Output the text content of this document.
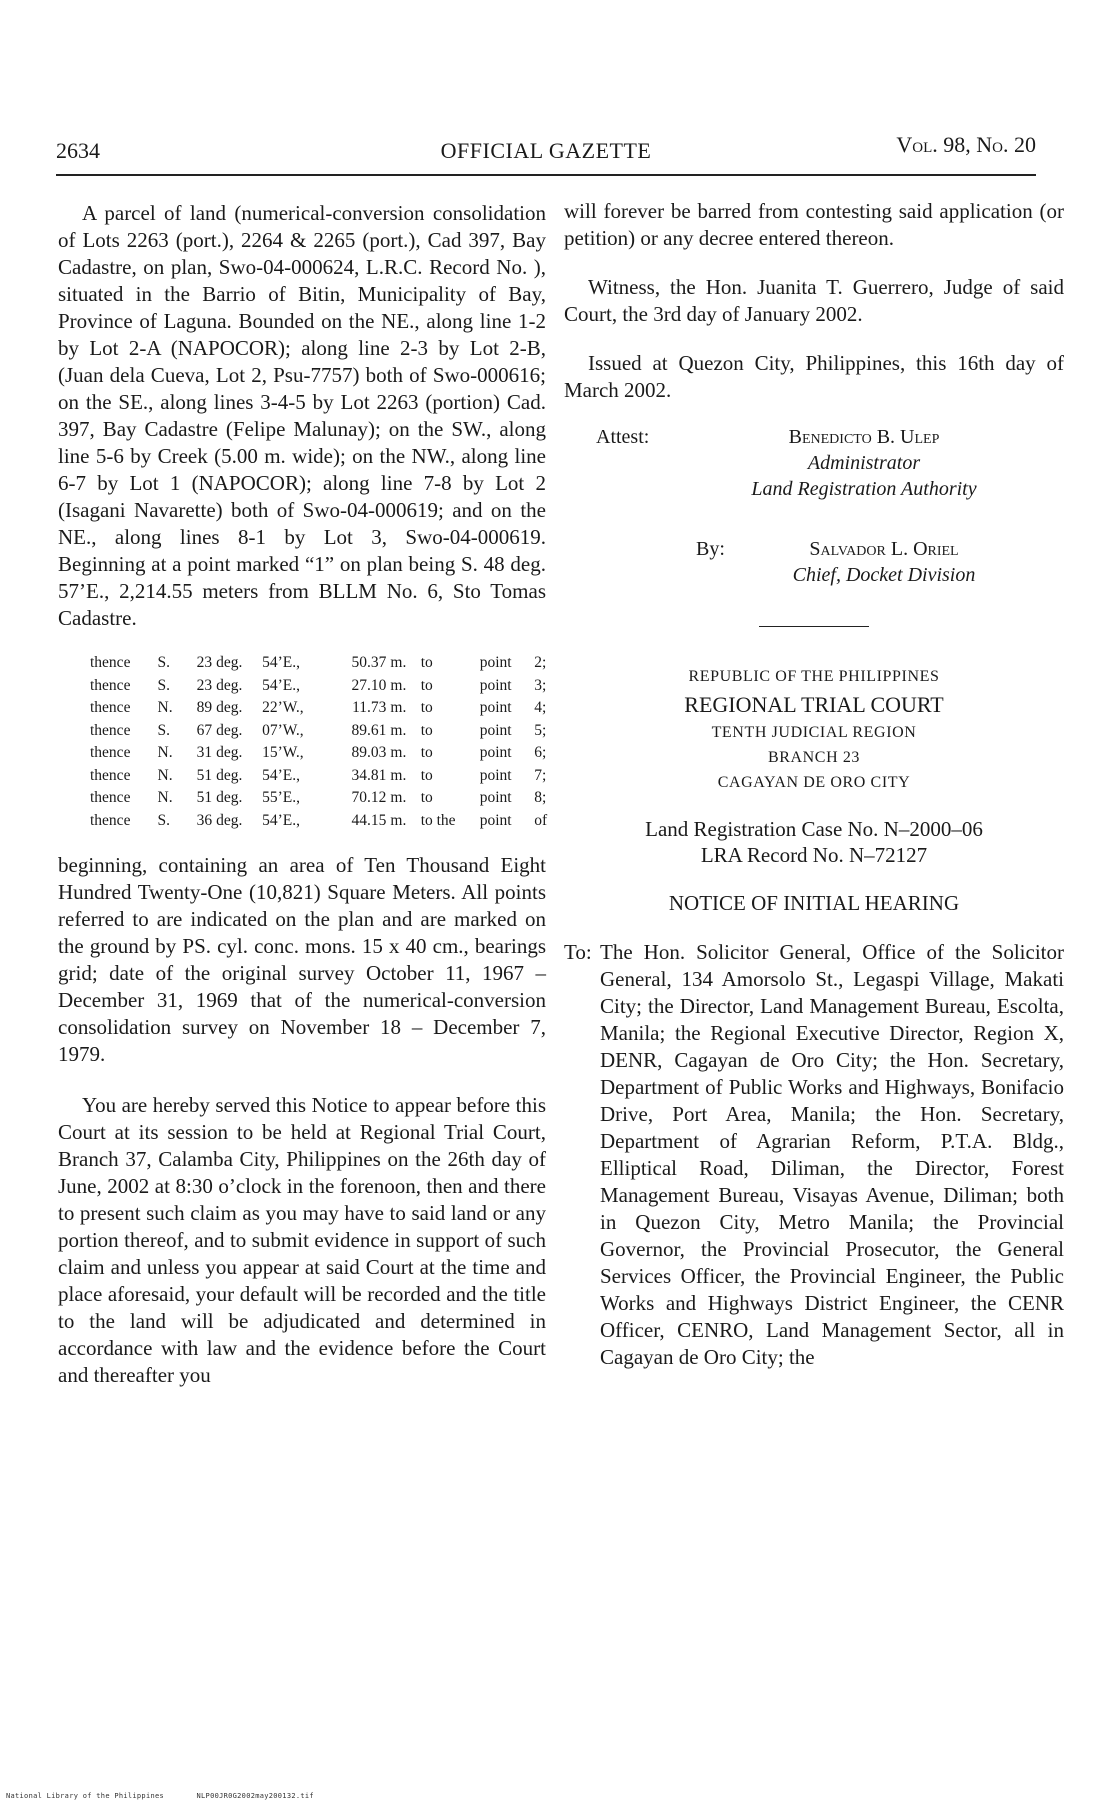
2634	OFFICIAL GAZETTE	Vol. 98, No. 20

A parcel of land (numerical-conversion consolidation of Lots 2263 (port.), 2264 & 2265 (port.), Cad 397, Bay Cadastre, on plan, Swo-04-000624, L.R.C. Record No. ), situated in the Barrio of Bitin, Municipality of Bay, Province of Laguna. Bounded on the NE., along line 1-2 by Lot 2-A (NAPOCOR); along line 2-3 by Lot 2-B, (Juan dela Cueva, Lot 2, Psu-7757) both of Swo-000616; on the SE., along lines 3-4-5 by Lot 2263 (portion) Cad. 397, Bay Cadastre (Felipe Malunay); on the SW., along line 5-6 by Creek (5.00 m. wide); on the NW., along line 6-7 by Lot 1 (NAPOCOR); along line 7-8 by Lot 2 (Isagani Navarette) both of Swo-04-000619; and on the NE., along lines 8-1 by Lot 3, Swo-04-000619. Beginning at a point marked “1” on plan being S. 48 deg. 57’E., 2,214.55 meters from BLLM No. 6, Sto Tomas Cadastre.

thence	S.	23	deg.	54’E.,	50.37	m.	to	point	2;
thence	S.	23	deg.	54’E.,	27.10	m.	to	point	3;
thence	N.	89	deg.	22’W.,	11.73	m.	to	point	4;
thence	S.	67	deg.	07’W.,	89.61	m.	to	point	5;
thence	N.	31	deg.	15’W.,	89.03	m.	to	point	6;
thence	N.	51	deg.	54’E.,	34.81	m.	to	point	7;
thence	N.	51	deg.	55’E.,	70.12	m.	to	point	8;
thence	S.	36	deg.	54’E.,	44.15	m.	to the	point	of

beginning, containing an area of Ten Thousand Eight Hundred Twenty-One (10,821) Square Meters. All points referred to are indicated on the plan and are marked on the ground by PS. cyl. conc. mons. 15 x 40 cm., bearings grid; date of the original survey October 11, 1967 – December 31, 1969 that of the numerical-conversion consolidation survey on November 18 – December 7, 1979.

You are hereby served this Notice to appear before this Court at its session to be held at Regional Trial Court, Branch 37, Calamba City, Philippines on the 26th day of June, 2002 at 8:30 o’clock in the forenoon, then and there to present such claim as you may have to said land or any portion thereof, and to submit evidence in support of such claim and unless you appear at said Court at the time and place aforesaid, your default will be recorded and the title to the land will be adjudicated and determined in accordance with law and the evidence before the Court and thereafter you

will forever be barred from contesting said application (or petition) or any decree entered thereon.

Witness, the Hon. Juanita T. Guerrero, Judge of said Court, the 3rd day of January 2002.

Issued at Quezon City, Philippines, this 16th day of March 2002.

Attest:	Benedicto B. Ulep
Administrator
Land Registration Authority
By:	Salvador L. Oriel
Chief, Docket Division
REPUBLIC OF THE PHILIPPINES
REGIONAL TRIAL COURT
TENTH JUDICIAL REGION
BRANCH 23
CAGAYAN DE ORO CITY
Land Registration Case No. N–2000–06
LRA Record No. N–72127
NOTICE OF INITIAL HEARING
To: The Hon. Solicitor General, Office of the Solicitor General, 134 Amorsolo St., Legaspi Village, Makati City; the Director, Land Management Bureau, Escolta, Manila; the Regional Executive Director, Region X, DENR, Cagayan de Oro City; the Hon. Secretary, Department of Public Works and Highways, Bonifacio Drive, Port Area, Manila; the Hon. Secretary, Department of Agrarian Reform, P.T.A. Bldg., Elliptical Road, Diliman, the Director, Forest Management Bureau, Visayas Avenue, Diliman; both in Quezon City, Metro Manila; the Provincial Governor, the Provincial Prosecutor, the General Services Officer, the Provincial Engineer, the Public Works and Highways District Engineer, the CENR Officer, CENRO, Land Management Sector, all in Cagayan de Oro City; the

National Library of the Philippines	NLP00JR0G2002may200132.tif
